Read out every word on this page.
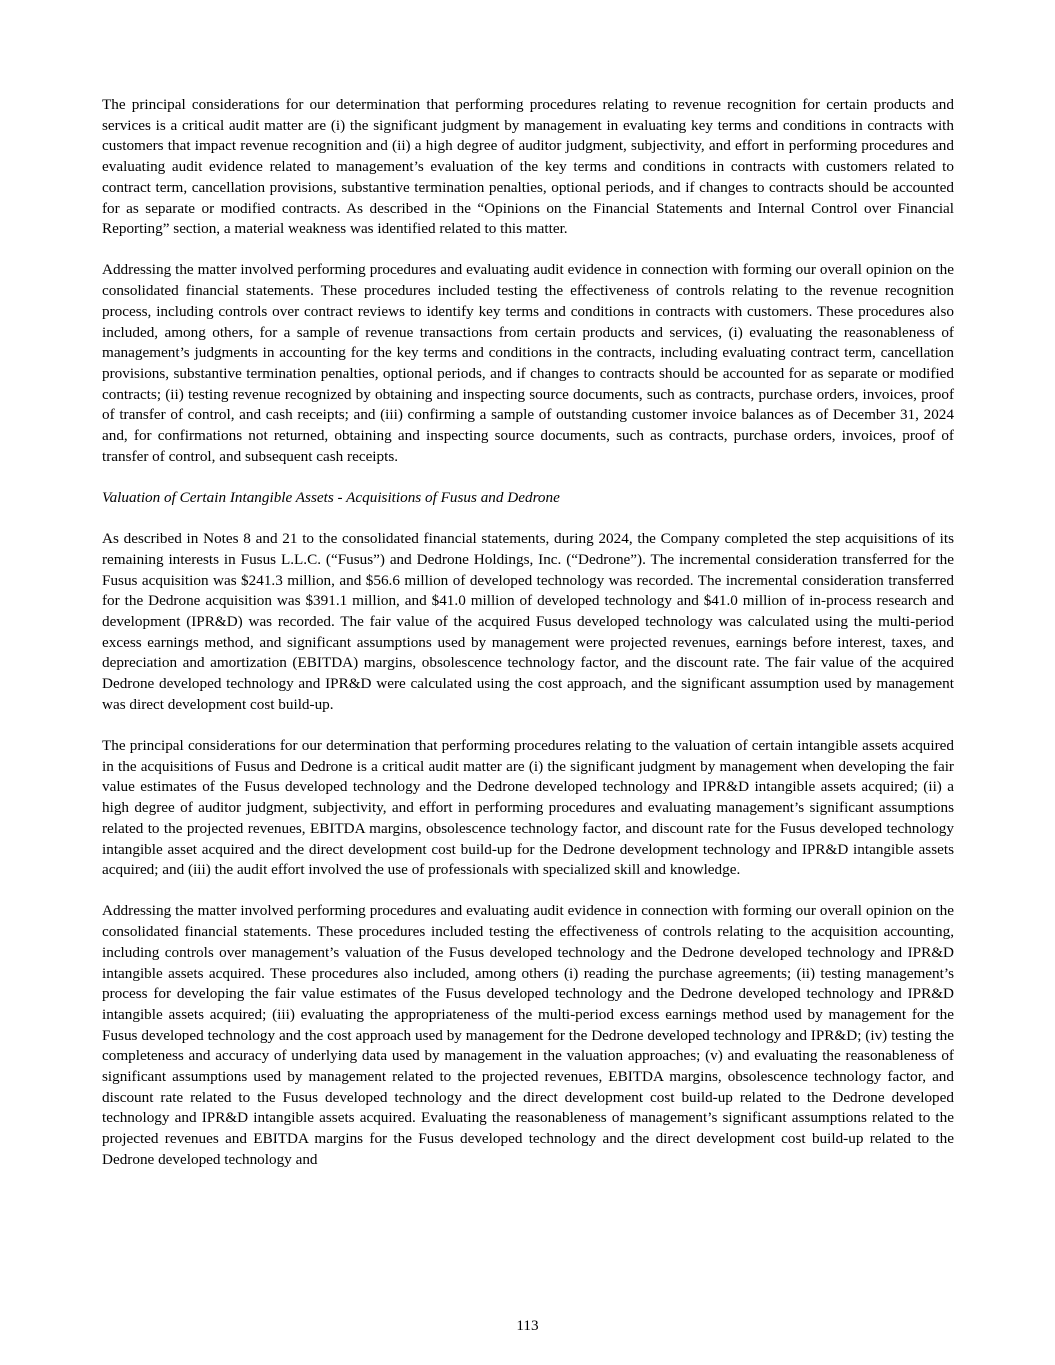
The principal considerations for our determination that performing procedures relating to revenue recognition for certain products and services is a critical audit matter are (i) the significant judgment by management in evaluating key terms and conditions in contracts with customers that impact revenue recognition and (ii) a high degree of auditor judgment, subjectivity, and effort in performing procedures and evaluating audit evidence related to management’s evaluation of the key terms and conditions in contracts with customers related to contract term, cancellation provisions, substantive termination penalties, optional periods, and if changes to contracts should be accounted for as separate or modified contracts. As described in the “Opinions on the Financial Statements and Internal Control over Financial Reporting” section, a material weakness was identified related to this matter.

Addressing the matter involved performing procedures and evaluating audit evidence in connection with forming our overall opinion on the consolidated financial statements. These procedures included testing the effectiveness of controls relating to the revenue recognition process, including controls over contract reviews to identify key terms and conditions in contracts with customers. These procedures also included, among others, for a sample of revenue transactions from certain products and services, (i) evaluating the reasonableness of management’s judgments in accounting for the key terms and conditions in the contracts, including evaluating contract term, cancellation provisions, substantive termination penalties, optional periods, and if changes to contracts should be accounted for as separate or modified contracts; (ii) testing revenue recognized by obtaining and inspecting source documents, such as contracts, purchase orders, invoices, proof of transfer of control, and cash receipts; and (iii) confirming a sample of outstanding customer invoice balances as of December 31, 2024 and, for confirmations not returned, obtaining and inspecting source documents, such as contracts, purchase orders, invoices, proof of transfer of control, and subsequent cash receipts.

Valuation of Certain Intangible Assets - Acquisitions of Fusus and Dedrone

As described in Notes 8 and 21 to the consolidated financial statements, during 2024, the Company completed the step acquisitions of its remaining interests in Fusus L.L.C. (“Fusus”) and Dedrone Holdings, Inc. (“Dedrone”). The incremental consideration transferred for the Fusus acquisition was $241.3 million, and $56.6 million of developed technology was recorded. The incremental consideration transferred for the Dedrone acquisition was $391.1 million, and $41.0 million of developed technology and $41.0 million of in-process research and development (IPR&D) was recorded. The fair value of the acquired Fusus developed technology was calculated using the multi-period excess earnings method, and significant assumptions used by management were projected revenues, earnings before interest, taxes, and depreciation and amortization (EBITDA) margins, obsolescence technology factor, and the discount rate. The fair value of the acquired Dedrone developed technology and IPR&D were calculated using the cost approach, and the significant assumption used by management was direct development cost build-up.

The principal considerations for our determination that performing procedures relating to the valuation of certain intangible assets acquired in the acquisitions of Fusus and Dedrone is a critical audit matter are (i) the significant judgment by management when developing the fair value estimates of the Fusus developed technology and the Dedrone developed technology and IPR&D intangible assets acquired; (ii) a high degree of auditor judgment, subjectivity, and effort in performing procedures and evaluating management’s significant assumptions related to the projected revenues, EBITDA margins, obsolescence technology factor, and discount rate for the Fusus developed technology intangible asset acquired and the direct development cost build-up for the Dedrone development technology and IPR&D intangible assets acquired; and (iii) the audit effort involved the use of professionals with specialized skill and knowledge.

Addressing the matter involved performing procedures and evaluating audit evidence in connection with forming our overall opinion on the consolidated financial statements. These procedures included testing the effectiveness of controls relating to the acquisition accounting, including controls over management’s valuation of the Fusus developed technology and the Dedrone developed technology and IPR&D intangible assets acquired. These procedures also included, among others (i) reading the purchase agreements; (ii) testing management’s process for developing the fair value estimates of the Fusus developed technology and the Dedrone developed technology and IPR&D intangible assets acquired; (iii) evaluating the appropriateness of the multi-period excess earnings method used by management for the Fusus developed technology and the cost approach used by management for the Dedrone developed technology and IPR&D; (iv) testing the completeness and accuracy of underlying data used by management in the valuation approaches; (v) and evaluating the reasonableness of significant assumptions used by management related to the projected revenues, EBITDA margins, obsolescence technology factor, and discount rate related to the Fusus developed technology and the direct development cost build-up related to the Dedrone developed technology and IPR&D intangible assets acquired. Evaluating the reasonableness of management’s significant assumptions related to the projected revenues and EBITDA margins for the Fusus developed technology and the direct development cost build-up related to the Dedrone developed technology and

113
